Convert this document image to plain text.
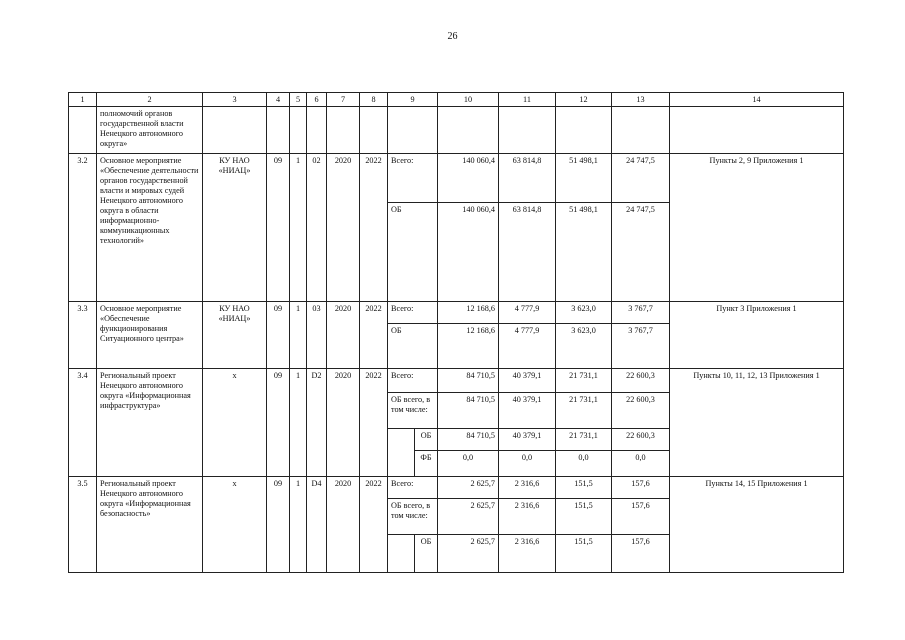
26
1	2	3	4	5	6	7	8	9		10	11	12	13	14
	полномочий органов государственной власти Ненецкого автономного округа»													
3.2	Основное мероприятие «Обеспечение деятельности органов государственной власти и мировых судей Ненецкого автономного округа в области информационно-коммуникационных технологий»	КУ НАО «НИАЦ»	09	1	02	2020	2022	Всего:		140 060,4	63 814,8	51 498,1	24 747,5	Пункты 2, 9 Приложения 1
								ОБ		140 060,4	63 814,8	51 498,1	24 747,5	
3.3	Основное мероприятие «Обеспечение функционирования Ситуационного центра»	КУ НАО «НИАЦ»	09	1	03	2020	2022	Всего:		12 168,6	4 777,9	3 623,0	3 767,7	Пункт 3 Приложения 1
								ОБ		12 168,6	4 777,9	3 623,0	3 767,7	
3.4	Региональный проект Ненецкого автономного округа «Информационная инфраструктура»	х	09	1	D2	2020	2022	Всего:		84 710,5	40 379,1	21 731,1	22 600,3	Пункты 10, 11, 12, 13 Приложения 1
								ОБ всего, в том числе:		84 710,5	40 379,1	21 731,1	22 600,3	
									ОБ	84 710,5	40 379,1	21 731,1	22 600,3	
									ФБ	0,0	0,0	0,0	0,0	
3.5	Региональный проект Ненецкого автономного округа «Информационная безопасность»	х	09	1	D4	2020	2022	Всего:		2 625,7	2 316,6	151,5	157,6	Пункты 14, 15 Приложения 1
								ОБ всего, в том числе:		2 625,7	2 316,6	151,5	157,6	
									ОБ	2 625,7	2 316,6	151,5	157,6	
